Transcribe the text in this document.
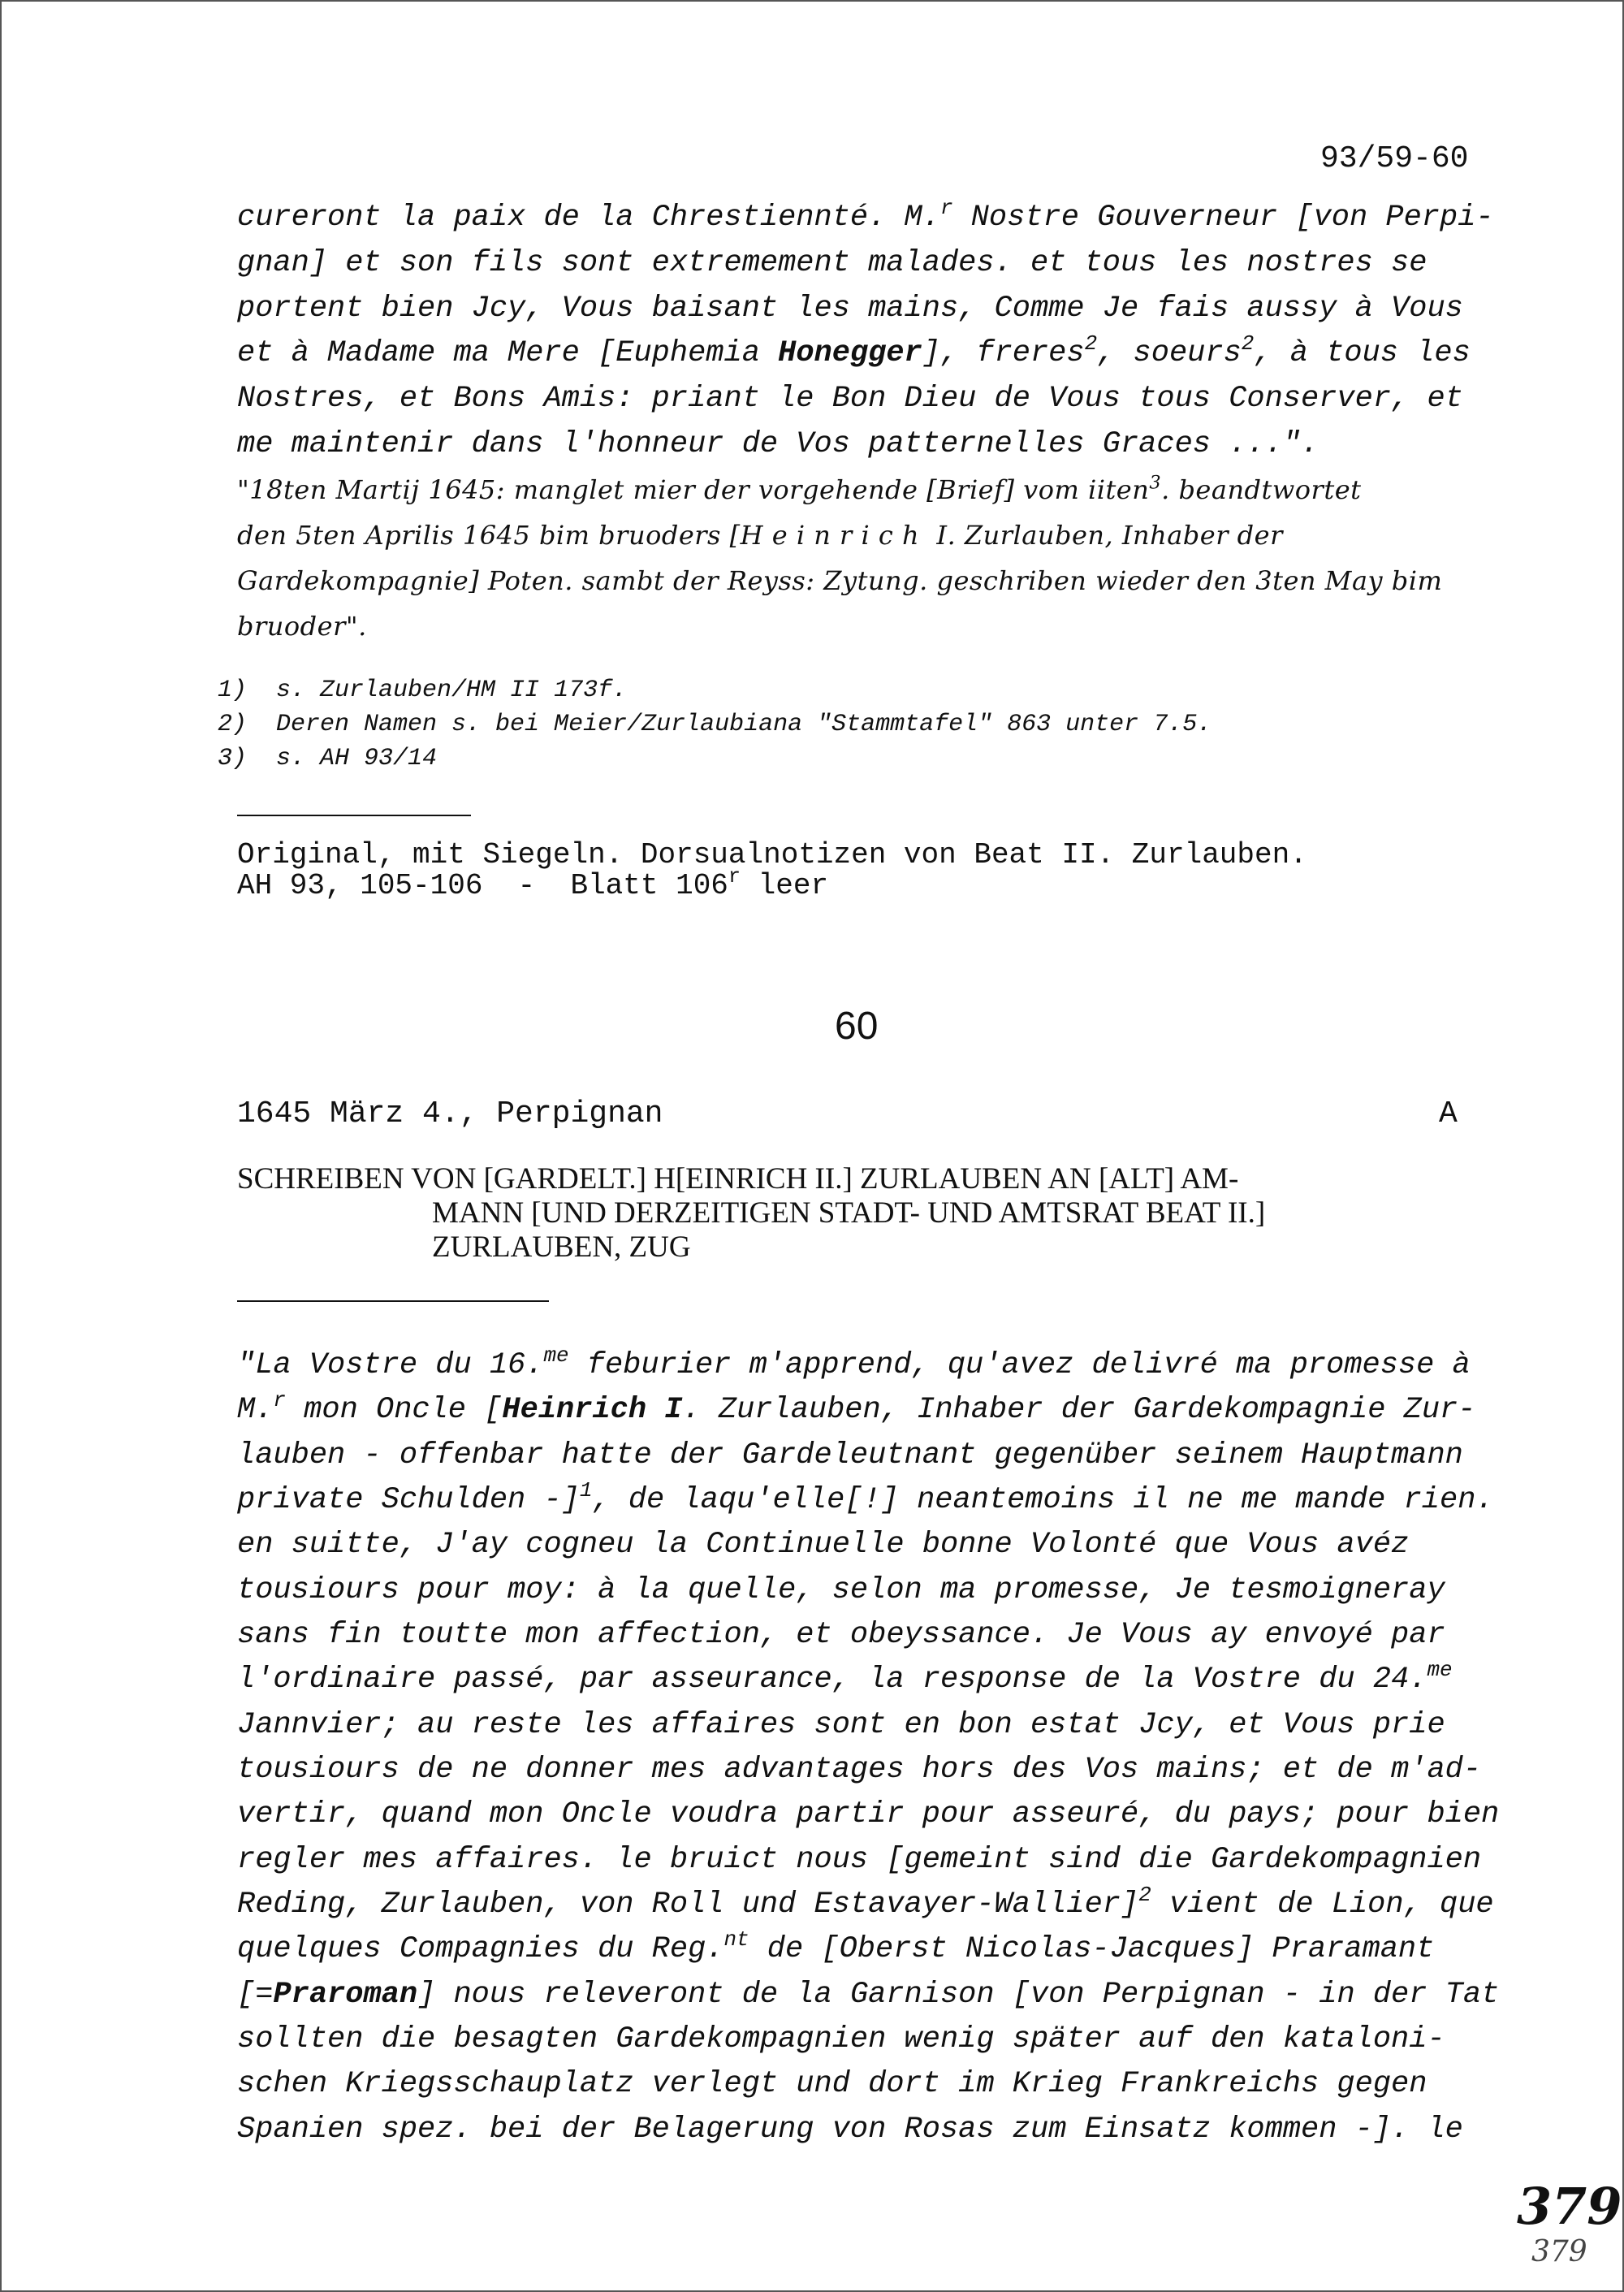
93/59-60
cureront la paix de la Chrestiennté. M.$^r$ Nostre Gouverneur [von Perpi-
gnan] et son fils sont extremement malades. et tous les nostres se
portent bien Jcy, Vous baisant les mains, Comme Je fais aussy à Vous
et à Madame ma Mere [Euphemia Honegger], freres$^2$, soeurs$^2$, à tous les
Nostres, et Bons Amis: priant le Bon Dieu de Vous tous Conserver, et
me maintenir dans l'honneur de Vos patternelles Graces ...".
"18ten Martij 1645: manglet mier der vorgehende [Brief] vom iiten$^3$. beandtwortet
den 5ten Aprilis 1645 bim bruoders [H e i n r i c h  I. Zurlauben, Inhaber der
Gardekompagnie] Poten. sambt der Reyss: Zytung. geschriben wieder den 3ten May bim
bruoder".
1)  s. Zurlauben/HM II 173f.
2)  Deren Namen s. bei Meier/Zurlaubiana "Stammtafel" 863 unter 7.5.
3)  s. AH 93/14
Original, mit Siegeln. Dorsualnotizen von Beat II. Zurlauben.
AH 93, 105-106  -  Blatt 106$^r$ leer
60
1645 März 4., Perpignan	A
SCHREIBEN VON [GARDELT.] H[EINRICH II.] ZURLAUBEN AN [ALT] AM-
MANN [UND DERZEITIGEN STADT- UND AMTSRAT BEAT II.]
ZURLAUBEN, ZUG
"La Vostre du 16.$^{me}$ feburier m'apprend, qu'avez delivré ma promesse à
M.$^r$ mon Oncle [Heinrich I. Zurlauben, Inhaber der Gardekompagnie Zur-
lauben - offenbar hatte der Gardeleutnant gegenüber seinem Hauptmann
private Schulden -]$^1$, de laqu'elle[!] neantemoins il ne me mande rien.
en suitte, J'ay cogneu la Continuelle bonne Volonté que Vous avéz
tousiours pour moy: à la quelle, selon ma promesse, Je tesmoigneray
sans fin toutte mon affection, et obeyssance. Je Vous ay envoyé par
l'ordinaire passé, par asseurance, la response de la Vostre du 24.$^{me}$
Jannvier; au reste les affaires sont en bon estat Jcy, et Vous prie
tousiours de ne donner mes advantages hors des Vos mains; et de m'ad-
vertir, quand mon Oncle voudra partir pour asseuré, du pays; pour bien
regler mes affaires. le bruict nous [gemeint sind die Gardekompagnien
Reding, Zurlauben, von Roll und Estavayer-Wallier]$^2$ vient de Lion, que
quelques Compagnies du Reg.$^{nt}$ de [Oberst Nicolas-Jacques] Praramant
[=Praroman] nous releveront de la Garnison [von Perpignan - in der Tat
sollten die besagten Gardekompagnien wenig später auf den kataloni-
schen Kriegsschauplatz verlegt und dort im Krieg Frankreichs gegen
Spanien spez. bei der Belagerung von Rosas zum Einsatz kommen -]. le
379
379
